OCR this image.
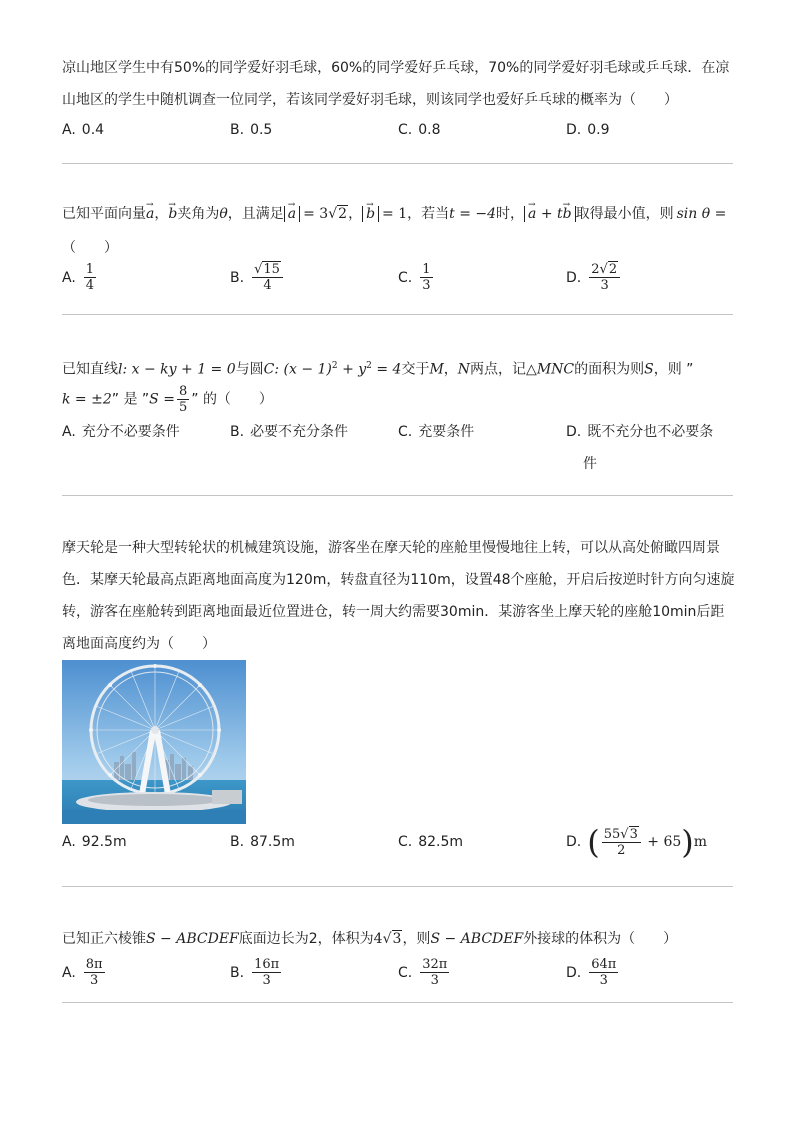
凉山地区学生中有50%的同学爱好羽毛球，60%的同学爱好乒乓球，70%的同学爱好羽毛球或乒乓球．在凉
山地区的学生中随机调查一位同学，若该同学爱好羽毛球，则该同学也爱好乒乓球的概率为（　　）
A. 0.4	B. 0.5	C. 0.8	D. 0.9
已知平面向量→ a，→ b夹角为θ，且满足 → a = 3√2， → b = 1，若当t = −4时， → a + t→ b 取得最小值，则 sin θ =
（　　）
A. $\frac{1}{4}$	B. $\frac{√15}{4}$	C. $\frac{1}{3}$	D. $\frac{2√2}{3}$
已知直线l: x − ky + 1 = 0与圆C: $(x - 1)^2 + y^2 = 4$交于M，N两点，记△MNC的面积为则S，则 ”
k = ±2” 是 ”S = $\frac{8}{5}$ ” 的（　　）
A. 充分不必要条件	B. 必要不充分条件	C. 充要条件	D. 既不充分也不必要条
件
摩天轮是一种大型转轮状的机械建筑设施，游客坐在摩天轮的座舱里慢慢地往上转，可以从高处俯瞰四周景
色．某摩天轮最高点距离地面高度为120m，转盘直径为110m，设置48个座舱，开启后按逆时针方向匀速旋
转，游客在座舱转到距离地面最近位置进仓，转一周大约需要30min．某游客坐上摩天轮的座舱10min后距
离地面高度约为（　　）
A. 92.5m	B. 87.5m	C. 82.5m	D. ( $\frac{55√3}{2} + 65)m$
已知正六棱锥S − ABCDEF底面边长为2，体积为4√3，则S − ABCDEF外接球的体积为（　　）
A. $\frac{8\pi}{3}$	B. $\frac{16\pi}{3}$	C. $\frac{32\pi}{3}$	D. $\frac{64\pi}{3}$
